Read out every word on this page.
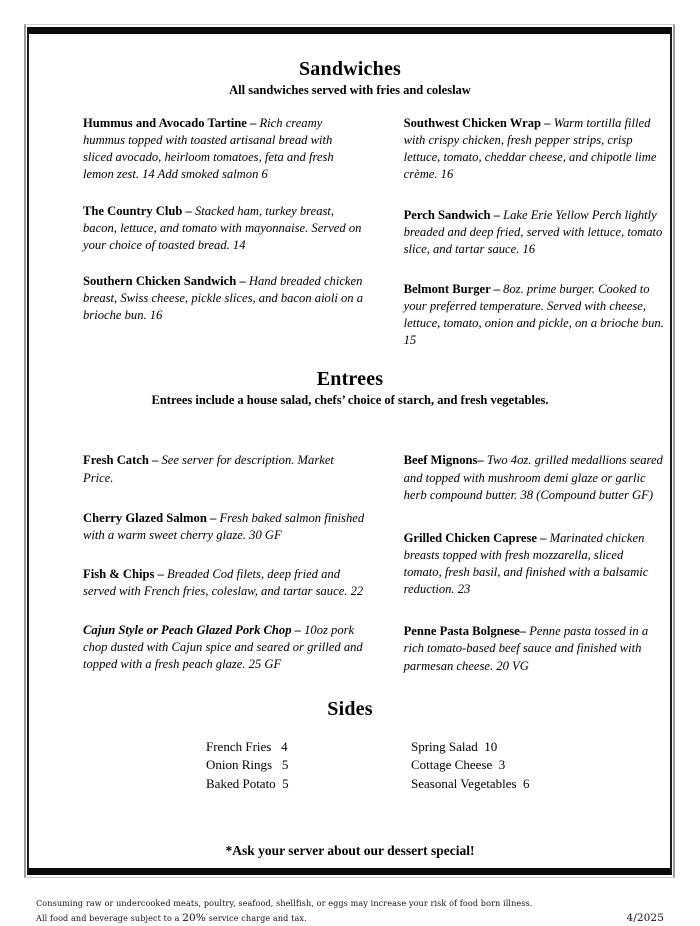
Sandwiches
All sandwiches served with fries and coleslaw
Hummus and Avocado Tartine – Rich creamy hummus topped with toasted artisanal bread with sliced avocado, heirloom tomatoes, feta and fresh lemon zest. 14 Add smoked salmon 6
The Country Club – Stacked ham, turkey breast, bacon, lettuce, and tomato with mayonnaise. Served on your choice of toasted bread. 14
Southern Chicken Sandwich – Hand breaded chicken breast, Swiss cheese, pickle slices, and bacon aioli on a brioche bun. 16
Southwest Chicken Wrap – Warm tortilla filled with crispy chicken, fresh pepper strips, crisp lettuce, tomato, cheddar cheese, and chipotle lime crème. 16
Perch Sandwich – Lake Erie Yellow Perch lightly breaded and deep fried, served with lettuce, tomato slice, and tartar sauce. 16
Belmont Burger – 8oz. prime burger. Cooked to your preferred temperature. Served with cheese, lettuce, tomato, onion and pickle, on a brioche bun. 15
Entrees
Entrees include a house salad, chefs’ choice of starch, and fresh vegetables.
Fresh Catch – See server for description. Market Price.
Cherry Glazed Salmon – Fresh baked salmon finished with a warm sweet cherry glaze. 30 GF
Fish & Chips – Breaded Cod filets, deep fried and served with French fries, coleslaw, and tartar sauce. 22
Cajun Style or Peach Glazed Pork Chop – 10oz pork chop dusted with Cajun spice and seared or grilled and topped with a fresh peach glaze. 25 GF
Beef Mignons– Two 4oz. grilled medallions seared and topped with mushroom demi glaze or garlic herb compound butter. 38 (Compound butter GF)
Grilled Chicken Caprese – Marinated chicken breasts topped with fresh mozzarella, sliced tomato, fresh basil, and finished with a balsamic reduction. 23
Penne Pasta Bolgnese– Penne pasta tossed in a rich tomato-based beef sauce and finished with parmesan cheese. 20 VG
Sides
French Fries   4
Onion Rings   5
Baked Potato  5
Spring Salad  10
Cottage Cheese  3
Seasonal Vegetables  6
*Ask your server about our dessert special!
Consuming raw or undercooked meats, poultry, seafood, shellfish, or eggs may increase your risk of food born illness.
All food and beverage subject to a 20% service charge and tax.	4/2025
